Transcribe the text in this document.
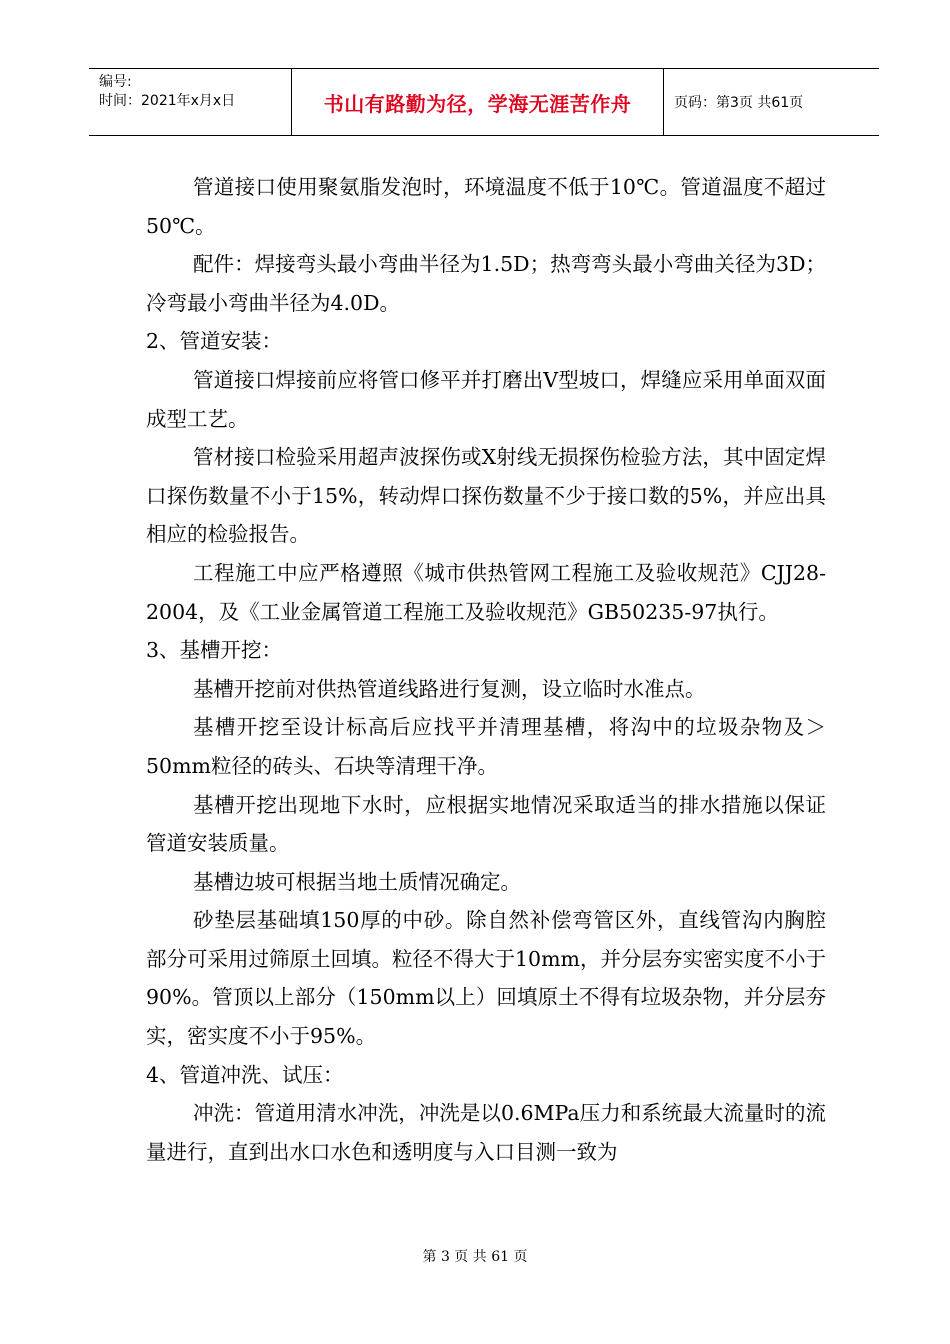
编号:
时间：2021年x月x日	书山有路勤为径，学海无涯苦作舟	页码：第3页 共61页

管道接口使用聚氨脂发泡时，环境温度不低于10℃。管道温度不超过50℃。

配件：焊接弯头最小弯曲半径为1.5D；热弯弯头最小弯曲关径为3D；冷弯最小弯曲半径为4.0D。

2、管道安装：

管道接口焊接前应将管口修平并打磨出V型坡口，焊缝应采用单面双面成型工艺。

管材接口检验采用超声波探伤或X射线无损探伤检验方法，其中固定焊口探伤数量不小于15%，转动焊口探伤数量不少于接口数的5%，并应出具相应的检验报告。

工程施工中应严格遵照《城市供热管网工程施工及验收规范》CJJ28-2004，及《工业金属管道工程施工及验收规范》GB50235-97执行。

3、基槽开挖：

基槽开挖前对供热管道线路进行复测，设立临时水准点。

基槽开挖至设计标高后应找平并清理基槽，将沟中的垃圾杂物及＞50mm粒径的砖头、石块等清理干净。

基槽开挖出现地下水时，应根据实地情况采取适当的排水措施以保证管道安装质量。

基槽边坡可根据当地土质情况确定。

砂垫层基础填150厚的中砂。除自然补偿弯管区外，直线管沟内胸腔部分可采用过筛原土回填。粒径不得大于10mm，并分层夯实密实度不小于90%。管顶以上部分（150mm以上）回填原土不得有垃圾杂物，并分层夯实，密实度不小于95%。

4、管道冲洗、试压：

冲洗：管道用清水冲洗，冲洗是以0.6MPa压力和系统最大流量时的流量进行，直到出水口水色和透明度与入口目测一致为

第 3 页 共 61 页
